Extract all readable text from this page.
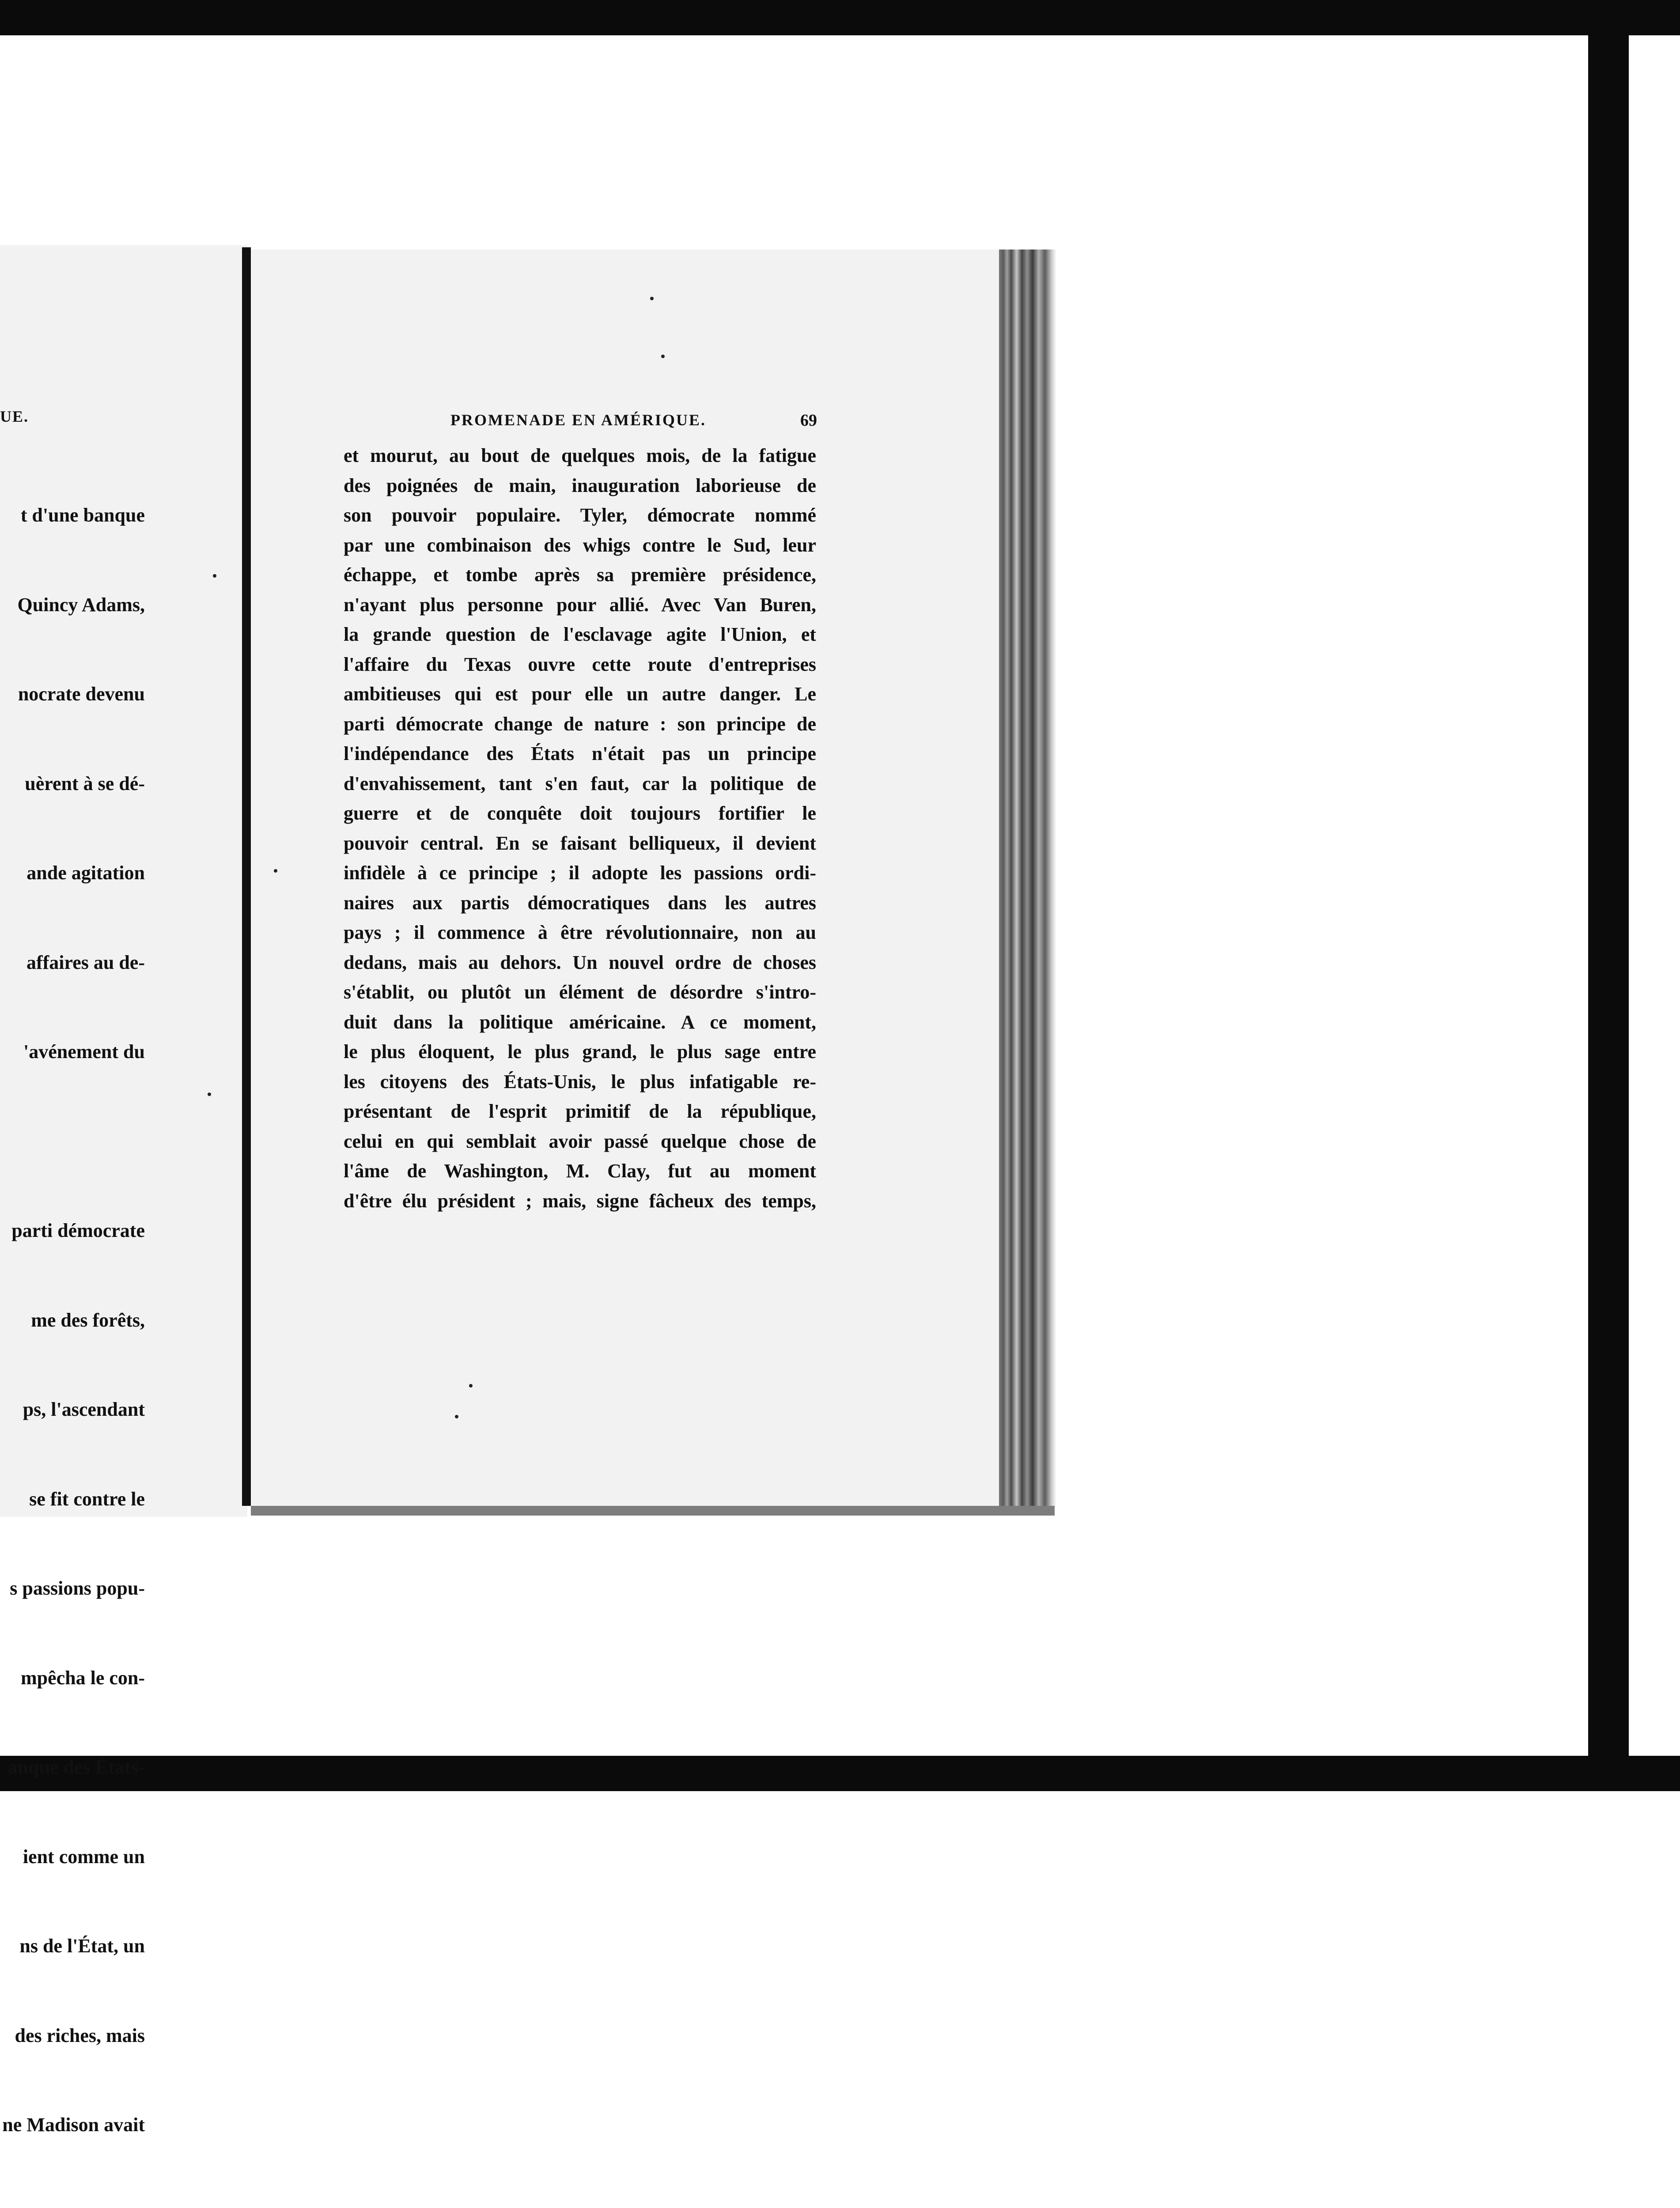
UE.

t d'une banque

Quincy Adams,

nocrate devenu

uèrent à se dé-

ande agitation

affaires au de-

'avénement du

parti démocrate

me des forêts,

ps, l'ascendant

se fit contre le

s passions popu-

mpêcha le con-

anque des États-

ient comme un

ns de l'État, un

des riches, mais

ne Madison avait

PROMENADE EN AMÉRIQUE.	69
et mourut, au bout de quelques mois, de la fatigue
des poignées de main, inauguration laborieuse de
son pouvoir populaire. Tyler, démocrate nommé
par une combinaison des whigs contre le Sud, leur
échappe, et tombe après sa première présidence,
n'ayant plus personne pour allié. Avec Van Buren,
la grande question de l'esclavage agite l'Union, et
l'affaire du Texas ouvre cette route d'entreprises
ambitieuses qui est pour elle un autre danger. Le
parti démocrate change de nature : son principe de
l'indépendance des États n'était pas un principe
d'envahissement, tant s'en faut, car la politique de
guerre et de conquête doit toujours fortifier le
pouvoir central. En se faisant belliqueux, il devient
infidèle à ce principe ; il adopte les passions ordi-
naires aux partis démocratiques dans les autres
pays ; il commence à être révolutionnaire, non au
dedans, mais au dehors. Un nouvel ordre de choses
s'établit, ou plutôt un élément de désordre s'intro-
duit dans la politique américaine. A ce moment,
le plus éloquent, le plus grand, le plus sage entre
les citoyens des États-Unis, le plus infatigable re-
présentant de l'esprit primitif de la république,
celui en qui semblait avoir passé quelque chose de
l'âme de Washington, M. Clay, fut au moment
d'être élu président ; mais, signe fâcheux des temps,
